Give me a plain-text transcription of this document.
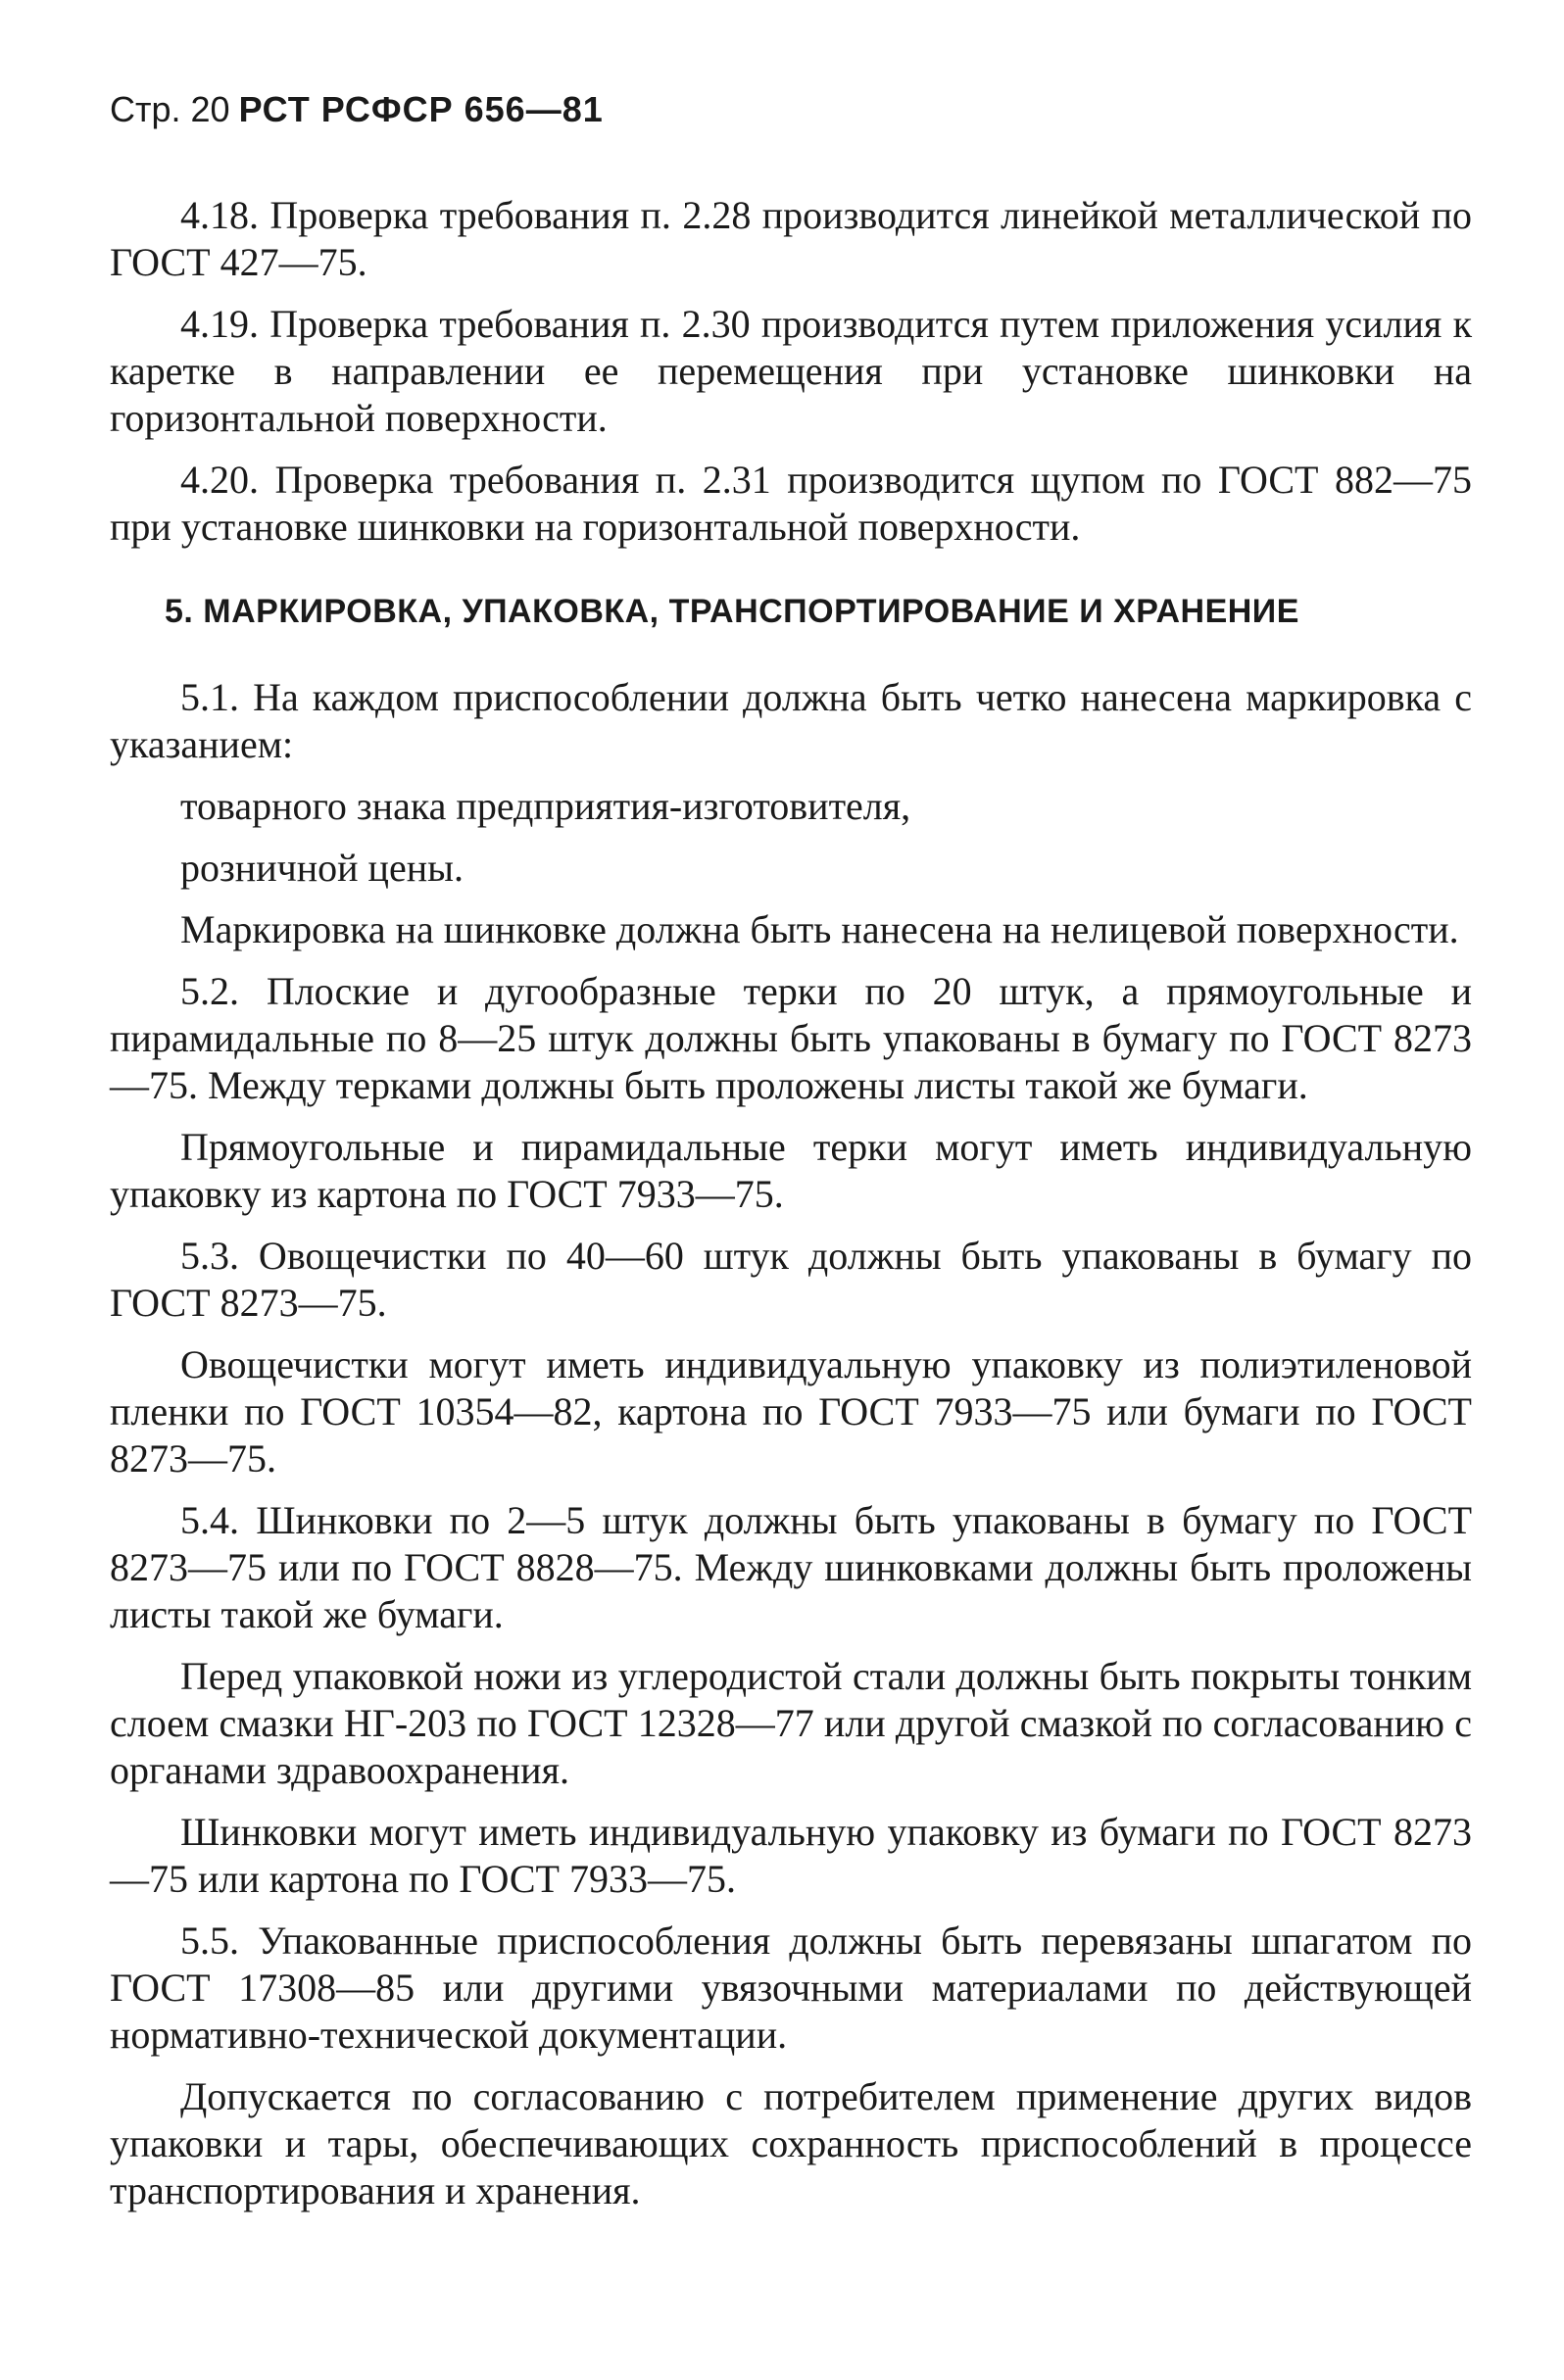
Стр. 20 РСТ РСФСР 656—81

4.18. Проверка требования п. 2.28 производится линейкой металлической по ГОСТ 427—75.

4.19. Проверка требования п. 2.30 производится путем приложения усилия к каретке в направлении ее перемещения при установке шинковки на горизонтальной поверхности.

4.20. Проверка требования п. 2.31 производится щупом по ГОСТ 882—75 при установке шинковки на горизонтальной поверхности.

5. МАРКИРОВКА, УПАКОВКА, ТРАНСПОРТИРОВАНИЕ И ХРАНЕНИЕ

5.1. На каждом приспособлении должна быть четко нанесена маркировка с указанием:

товарного знака предприятия-изготовителя,

розничной цены.

Маркировка на шинковке должна быть нанесена на нелицевой поверхности.

5.2. Плоские и дугообразные терки по 20 штук, а прямоугольные и пирамидальные по 8—25 штук должны быть упакованы в бумагу по ГОСТ 8273—75. Между терками должны быть проложены листы такой же бумаги.

Прямоугольные и пирамидальные терки могут иметь индивидуальную упаковку из картона по ГОСТ 7933—75.

5.3. Овощечистки по 40—60 штук должны быть упакованы в бумагу по ГОСТ 8273—75.

Овощечистки могут иметь индивидуальную упаковку из полиэтиленовой пленки по ГОСТ 10354—82, картона по ГОСТ 7933—75 или бумаги по ГОСТ 8273—75.

5.4. Шинковки по 2—5 штук должны быть упакованы в бумагу по ГОСТ 8273—75 или по ГОСТ 8828—75. Между шинковками должны быть проложены листы такой же бумаги.

Перед упаковкой ножи из углеродистой стали должны быть покрыты тонким слоем смазки НГ-203 по ГОСТ 12328—77 или другой смазкой по согласованию с органами здравоохранения.

Шинковки могут иметь индивидуальную упаковку из бумаги по ГОСТ 8273—75 или картона по ГОСТ 7933—75.

5.5. Упакованные приспособления должны быть перевязаны шпагатом по ГОСТ 17308—85 или другими увязочными материалами по действующей нормативно-технической документации.

Допускается по согласованию с потребителем применение других видов упаковки и тары, обеспечивающих сохранность приспособлений в процессе транспортирования и хранения.
